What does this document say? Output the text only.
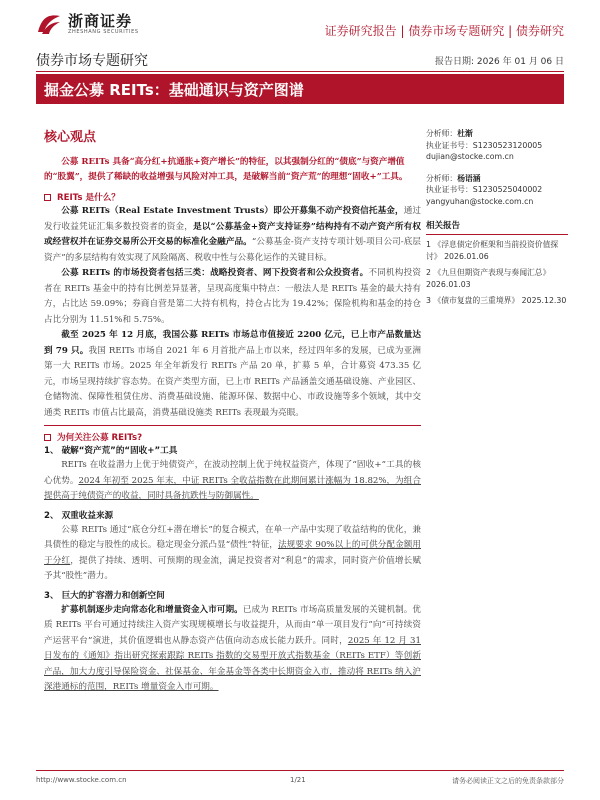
浙商证券
ZHESHANG SECURITIES	证券研究报告 | 债券市场专题研究 | 债券研究
债券市场专题研究	报告日期: 2026 年 01 月 06 日
掘金公募 REITs：基础通识与资产图谱
核心观点

公募 REITs 具备“高分红+抗通胀+资产增长”的特征，以其强制分红的“债底”与资产增值的“股翼”，提供了稀缺的收益增强与风险对冲工具，是破解当前“资产荒”的理想“固收+”工具。

REITs 是什么？

公募 REITs（Real Estate Investment Trusts）即公开募集不动产投资信托基金，通过发行收益凭证汇集多数投资者的资金，是以“公募基金+资产支持证券”结构持有不动产资产所有权或经营权并在证券交易所公开交易的标准化金融产品。“公募基金-资产支持专项计划-项目公司-底层资产”的多层结构有效实现了风险隔离、税收中性与公募化运作的关键目标。

公募 REITs 的市场投资者包括三类：战略投资者、网下投资者和公众投资者。不同机构投资者在 REITs 基金中的持有比例差异显著，呈现高度集中特点：一般法人是 REITs 基金的最大持有方，占比达 59.09%；券商自营是第二大持有机构，持仓占比为 19.42%；保险机构和基金的持仓占比分别为 11.51%和 5.75%。

截至 2025 年 12 月底，我国公募 REITs 市场总市值接近 2200 亿元，已上市产品数量达到 79 只。我国 REITs 市场自 2021 年 6 月首批产品上市以来，经过四年多的发展，已成为亚洲第一大 REITs 市场。2025 年全年新发行 REITs 产品 20 单，扩募 5 单，合计募资 473.35 亿元，市场呈现持续扩容态势。在资产类型方面，已上市 REITs 产品涵盖交通基础设施、产业园区、仓储物流、保障性租赁住房、消费基础设施、能源环保、数据中心、市政设施等多个领域，其中交通类 REITs 市值占比最高，消费基础设施类 REITs 表现最为亮眼。

为何关注公募 REITs?
1、 破解“资产荒”的“固收+”工具

REITs 在收益潜力上优于纯债资产，在波动控制上优于纯权益资产，体现了“固收+”工具的核心优势。2024 年初至 2025 年末，中证 REITs 全收益指数在此期间累计涨幅为 18.82%，为组合提供高于纯债资产的收益，同时具备抗跌性与防御属性。

2、 双重收益来源

公募 REITs 通过“底仓分红+潜在增长”的复合模式，在单一产品中实现了收益结构的优化，兼具债性的稳定与股性的成长。稳定现金分派凸显“债性”特征，法规要求 90%以上的可供分配金额用于分红，提供了持续、透明、可预期的现金流，满足投资者对“利息”的需求，同时资产价值增长赋予其“股性”潜力。

3、 巨大的扩容潜力和创新空间

扩募机制逐步走向常态化和增量资金入市可期。已成为 REITs 市场高质量发展的关键机制。优质 REITs 平台可通过持续注入资产实现规模增长与收益提升，从而由“单一项目发行”向“可持续资产运营平台”演进，其价值逻辑也从静态资产估值向动态成长能力跃升。同时，2025 年 12 月 31 日发布的《通知》指出研究探索跟踪 REITs 指数的交易型开放式指数基金（REITs ETF）等创新产品，加大力度引导保险资金、社保基金、年金基金等各类中长期资金入市，推动将 REITs 纳入沪深港通标的范围，REITs 增量资金入市可期。

分析师：杜渐
执业证书号：S1230523120005
dujian@stocke.com.cn
分析师：杨语涵
执业证书号：S1230525040002
yangyuhan@stocke.com.cn
相关报告
1 《浮息债定价框架和当前投资价值探讨》 2026.01.06
2 《九旦但期资产表现与奏闻汇总》 2026.01.03
3 《债市复盘的三重境界》 2025.12.30
http://www.stocke.com.cn	1/21	请务必阅读正文之后的免责条款部分
